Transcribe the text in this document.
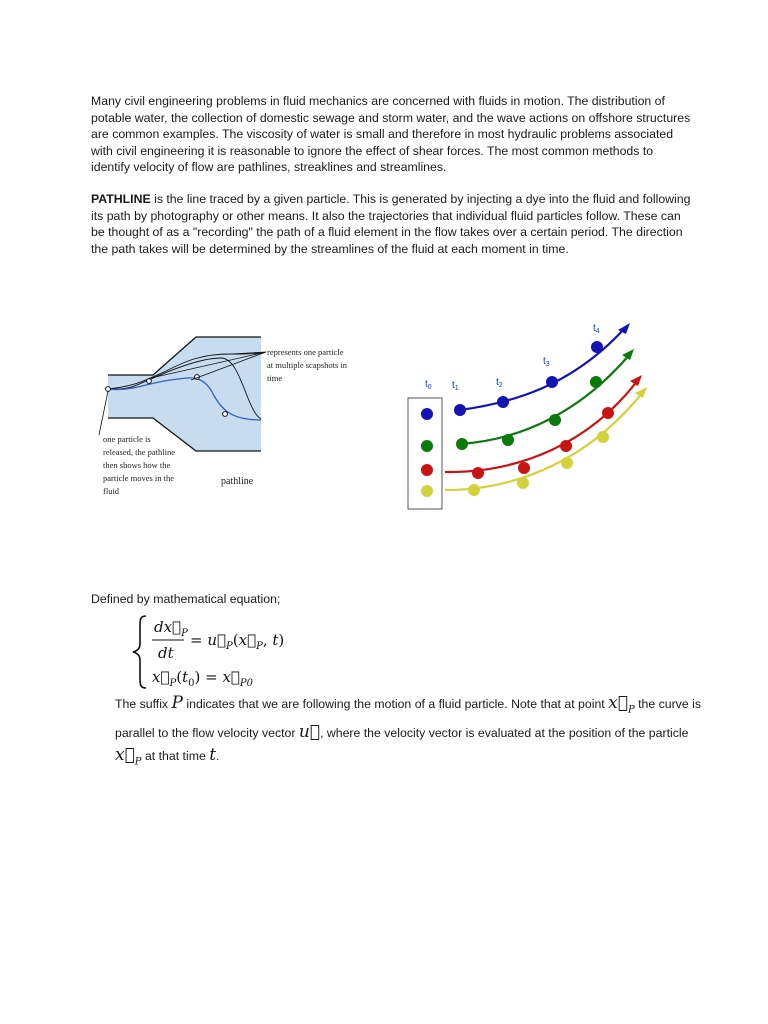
Many civil engineering problems in fluid mechanics are concerned with fluids in motion. The distribution of potable water, the collection of domestic sewage and storm water, and the wave actions on offshore structures are common examples. The viscosity of water is small and therefore in most hydraulic problems associated with civil engineering it is reasonable to ignore the effect of shear forces. The most common methods to identify velocity of flow are pathlines, streaklines and streamlines.

PATHLINE is the line traced by a given particle. This is generated by injecting a dye into the fluid and following its path by photography or other means. It also the trajectories that individual fluid particles follow. These can be thought of as a "recording" the path of a fluid element in the flow takes over a certain period. The direction the path takes will be determined by the streamlines of the fluid at each moment in time.

represents one particle
at multiple scapshots in
time
one particle is
released, the pathline
then shows how the
particle moves in the
fluid
pathline
$t_0$ $t_1$
$t_2$
$t_3$
$t_4$

Defined by mathematical equation;

$dx⃗_P$
dt
= $u⃗_P(x⃗_P$, t)
$x⃗_P(t_0)$ = $x⃗_{P0}$

The suffix P indicates that we are following the motion of a fluid particle. Note that at point $x⃗_P$ the curve is parallel to the flow velocity vector u⃗, where the velocity vector is evaluated at the position of the particle $x⃗_P$ at that time t.
